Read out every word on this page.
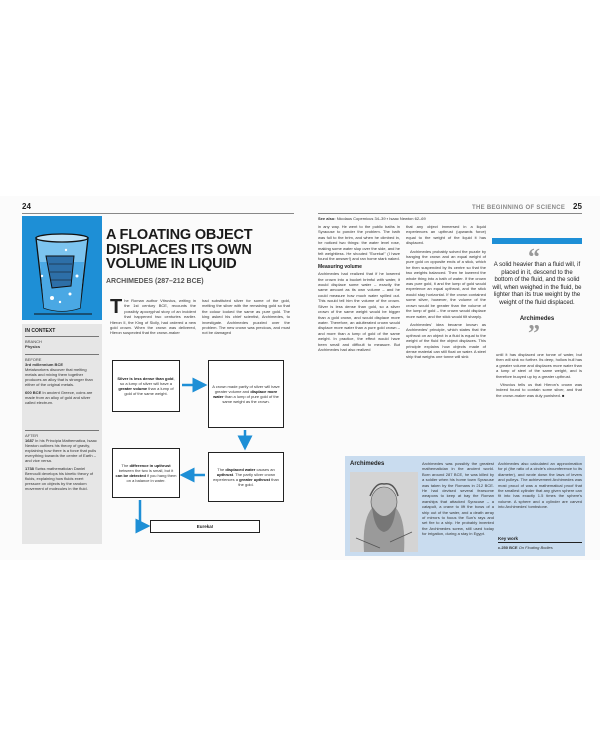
24	THE BEGINNING OF SCIENCE 25
See also: Nicolaus Copernicus 34–39 ▪ Isaac Newton 62–69
A FLOATING OBJECT DISPLACES ITS OWN VOLUME IN LIQUID
ARCHIMEDES (287–212 BCE)
IN CONTEXT
BRANCH
Physics
BEFORE
3rd millennium BCE
Metalworkers discover that melting metals and mixing them together produces an alloy that is stronger than either of the original metals.
600 BCE In ancient Greece, coins are made from an alloy of gold and silver called electrum.
AFTER
1687 In his Principia Mathematica, Isaac Newton outlines his theory of gravity, explaining how there is a force that pulls everything towards the centre of Earth – and vice versa.
1738 Swiss mathematician Daniel Bernoulli develops his kinetic theory of fluids, explaining how fluids exert pressure on objects by the random movement of molecules in the fluid.

The Roman author Vitruvius, writing in the 1st century BCE, recounts the possibly apocryphal story of an incident that happened two centuries earlier. Hieron II, the King of Sicily, had ordered a new gold crown. When the crown was delivered, Hieron suspected that the crown-maker

had substituted silver for some of the gold, melting the silver with the remaining gold so that the colour looked the same as pure gold. The king asked his chief scientist, Archimedes, to investigate. Archimedes puzzled over the problem. The new crown was precious, and must not be damaged

Silver is less dense than gold, so a lump of silver will have a greater volume than a lump of gold of the same weight.
A crown made partly of silver will have greater volume and displace more water than a lump of pure gold of the same weight as the crown.
The difference in upthrust between the two is small, but it can be detected if you hang them on a balance in water.
The displaced water causes an upthrust. The partly silver crown experiences a greater upthrust than the gold.
Eureka!

in any way. He went to the public baths in Syracuse to ponder the problem. The bath was full to the brim, and when he climbed in, he noticed two things: the water level rose, making some water slop over the side, and he felt weightless. He shouted "Eureka!" (I have found the answer!) and ran home stark naked.

Measuring volume

Archimedes had realized that if he lowered the crown into a bucket brimful with water, it would displace some water – exactly the same amount as its own volume – and he could measure how much water spilled out. This would tell him the volume of the crown. Silver is less dense than gold, so a silver crown of the same weight would be bigger than a gold crown, and would displace more water. Therefore, an adulterated crown would displace more water than a pure gold crown – and more than a lump of gold of the same weight. In practice, the effect would have been small and difficult to measure. But Archimedes had also realized

that any object immersed in a liquid experiences an upthrust (upwards force) equal to the weight of the liquid it has displaced.

Archimedes probably solved the puzzle by hanging the crown and an equal weight of pure gold on opposite ends of a stick, which he then suspended by its centre so that the two weights balanced. Then he lowered the whole thing into a bath of water. If the crown was pure gold, it and the lump of gold would experience an equal upthrust, and the stick would stay horizontal. If the crown contained some silver, however, the volume of the crown would be greater than the volume of the lump of gold – the crown would displace more water, and the stick would tilt sharply.

Archimedes' idea became known as Archimedes' principle, which states that the upthrust on an object in a fluid is equal to the weight of the fluid the object displaces. This principle explains how objects made of dense material can still float on water. A steel ship that weighs one tonne will sink

“
A solid heavier than a fluid will, if placed in it, descend to the bottom of the fluid, and the solid will, when weighed in the fluid, be lighter than its true weight by the weight of the fluid displaced.
Archimedes
”

until it has displaced one tonne of water, but then will sink no further. Its deep, hollow hull has a greater volume and displaces more water than a lump of steel of the same weight, and is therefore buoyed up by a greater upthrust.

Vitruvius tells us that Hieron's crown was indeed found to contain some silver, and that the crown-maker was duly punished. ■

Archimedes	Archimedes was possibly the greatest mathematician in the ancient world. Born around 287 BCE, he was killed by a soldier when his home town Syracuse was taken by the Romans in 212 BCE. He had devised several fearsome weapons to keep at bay the Roman warships that attacked Syracuse – a catapult, a crane to lift the bows of a ship out of the water, and a death array of mirrors to focus the Sun's rays and set fire to a ship. He probably invented the Archimedes screw, still used today for irrigation, during a stay in Egypt.

Archimedes also calculated an approximation for pi (the ratio of a circle's circumference to its diameter), and wrote down the laws of levers and pulleys. The achievement Archimedes was most proud of was a mathematical proof that the smallest cylinder that any given sphere can fit into has exactly 1.5 times the sphere's volume. A sphere and a cylinder are carved into Archimedes' tombstone.

Key work
c.250 BCE On Floating Bodies
